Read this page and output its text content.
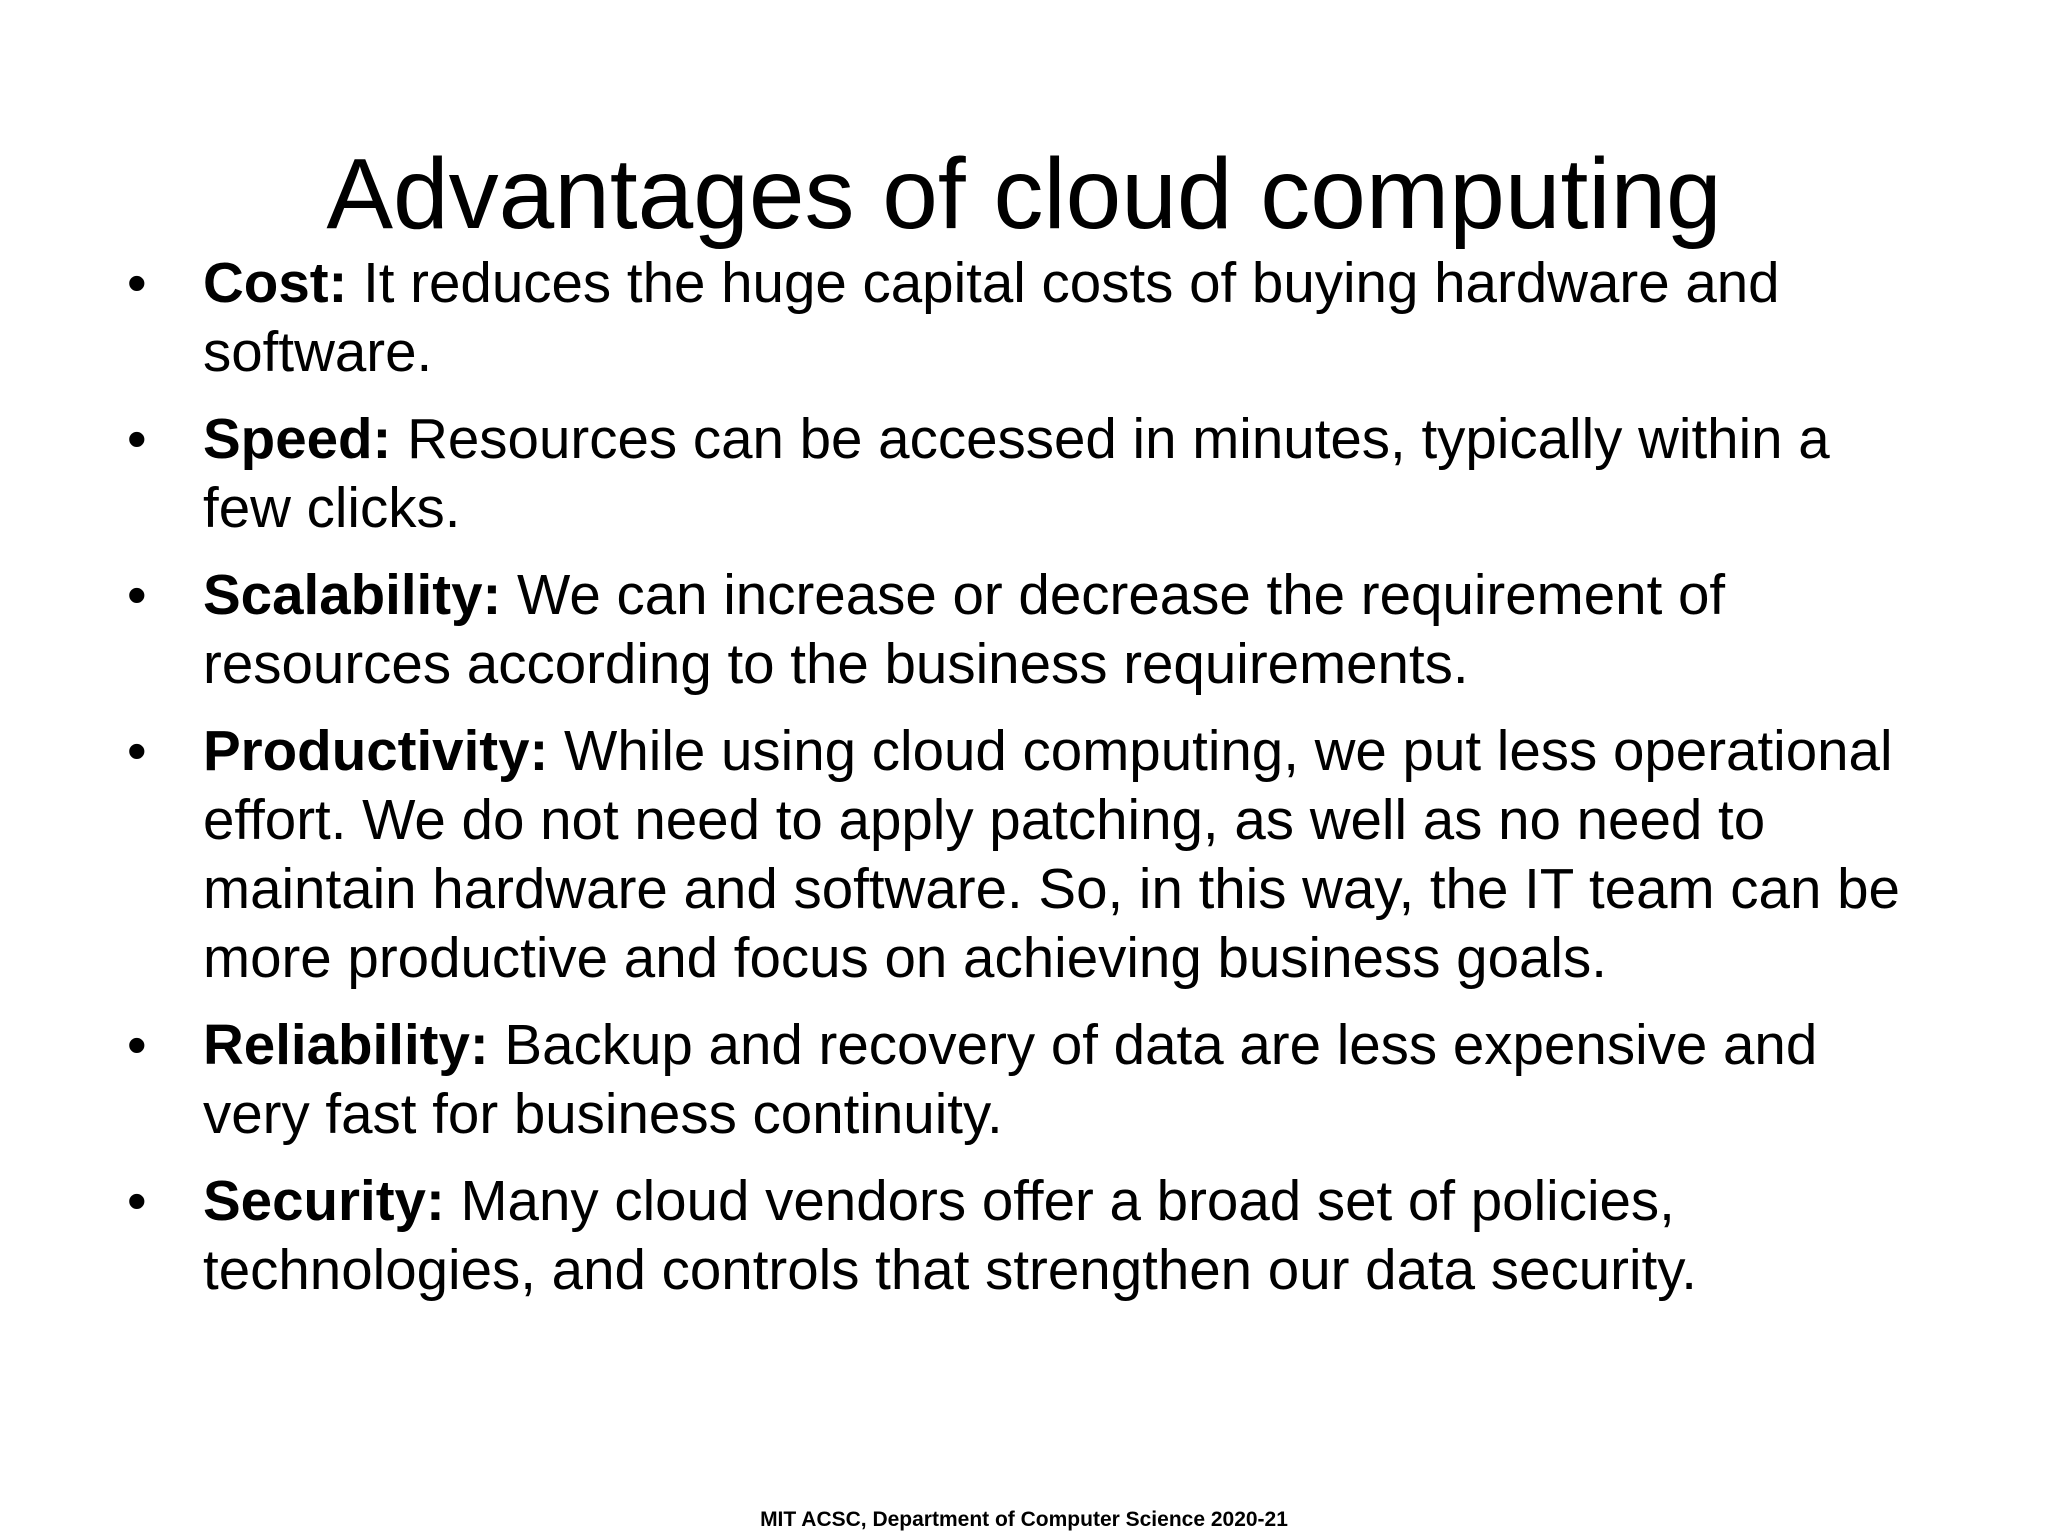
Advantages of cloud computing
• Cost: It reduces the huge capital costs of buying hardware and software.
• Speed: Resources can be accessed in minutes, typically within a few clicks.
• Scalability: We can increase or decrease the requirement of resources according to the business requirements.
• Productivity: While using cloud computing, we put less operational effort. We do not need to apply patching, as well as no need to maintain hardware and software. So, in this way, the IT team can be more productive and focus on achieving business goals.
• Reliability: Backup and recovery of data are less expensive and very fast for business continuity.
• Security: Many cloud vendors offer a broad set of policies, technologies, and controls that strengthen our data security.
MIT ACSC, Department of Computer Science 2020-21
